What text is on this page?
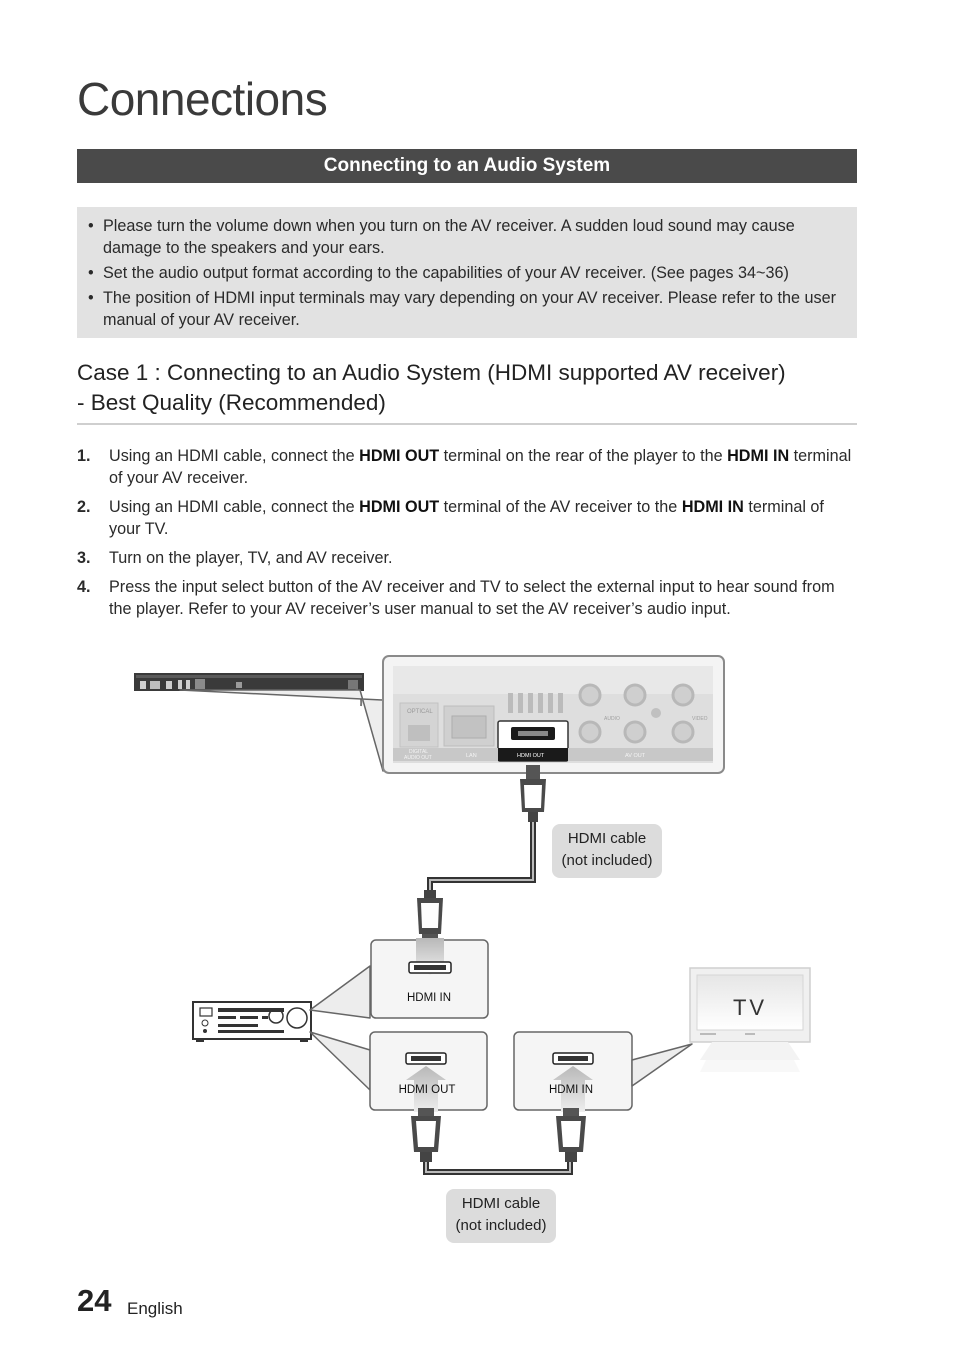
Connections
Connecting to an Audio System
• Please turn the volume down when you turn on the AV receiver. A sudden loud sound may cause damage to the speakers and your ears.
• Set the audio output format according to the capabilities of your AV receiver. (See pages 34~36)
• The position of HDMI input terminals may vary depending on your AV receiver. Please refer to the user manual of your AV receiver.
Case 1 : Connecting to an Audio System (HDMI supported AV receiver)
- Best Quality (Recommended)
1. Using an HDMI cable, connect the HDMI OUT terminal on the rear of the player to the HDMI IN terminal of your AV receiver.
2. Using an HDMI cable, connect the HDMI OUT terminal of the AV receiver to the HDMI IN terminal of your TV.
3. Turn on the player, TV, and AV receiver.
4. Press the input select button of the AV receiver and TV to select the external input to hear sound from the player. Refer to your AV receiver’s user manual to set the AV receiver’s audio input.
OPTICAL
AUDIO	VIDEO
DIGITAL
AUDIO OUT	LAN	HDMI OUT	AV OUT
HDMI cable
(not included)
HDMI IN
HDMI OUT	HDMI IN
TV
HDMI cable
(not included)
24 English
